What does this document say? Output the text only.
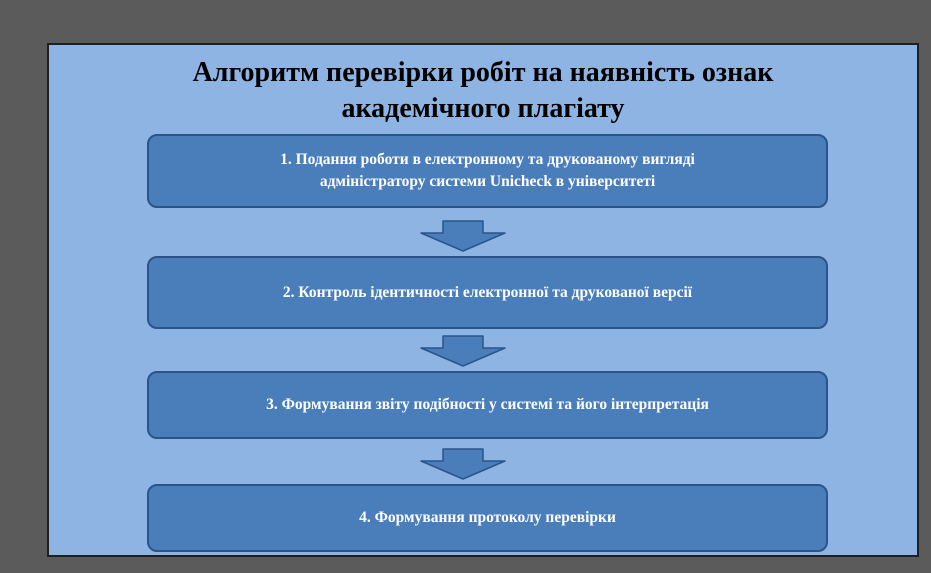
Алгоритм перевірки робіт на наявність ознак
академічного плагіату
1. Подання роботи в електронному та друкованому вигляді
адміністратору системи Unicheck в університеті
2. Контроль ідентичності електронної та друкованої версії
3. Формування звіту подібності у системі та його інтерпретація
4. Формування протоколу перевірки
